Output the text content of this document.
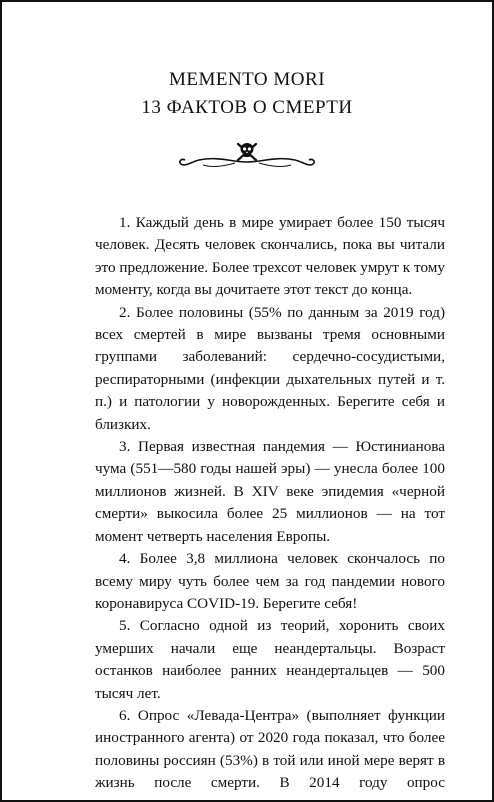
MEMENTO MORI
13 ФАКТОВ О СМЕРТИ

1. Каждый день в мире умирает более 150 тысяч человек. Десять человек скончались, пока вы читали это предложение. Более трехсот человек умрут к тому моменту, когда вы дочитаете этот текст до конца.

2. Более половины (55% по данным за 2019 год) всех смертей в мире вызваны тремя основными группами заболеваний: сердечно-сосудистыми, респираторными (инфекции дыхательных путей и т. п.) и патологии у новорожденных. Берегите себя и близких.

3. Первая известная пандемия — Юстинианова чума (551—580 годы нашей эры) — унесла более 100 миллионов жизней. В XIV веке эпидемия «черной смерти» выкосила более 25 миллионов — на тот момент четверть населения Европы.

4. Более 3,8 миллиона человек скончалось по всему миру чуть более чем за год пандемии нового коронавируса COVID-19. Берегите себя!

5. Согласно одной из теорий, хоронить своих умерших начали еще неандертальцы. Возраст останков наиболее ранних неандертальцев — 500 тысяч лет.

6. Опрос «Левада-Центра» (выполняет функции иностранного агента) от 2020 года показал, что более половины россиян (53%) в той или иной мере верят в жизнь после смерти. В 2014 году опрос
